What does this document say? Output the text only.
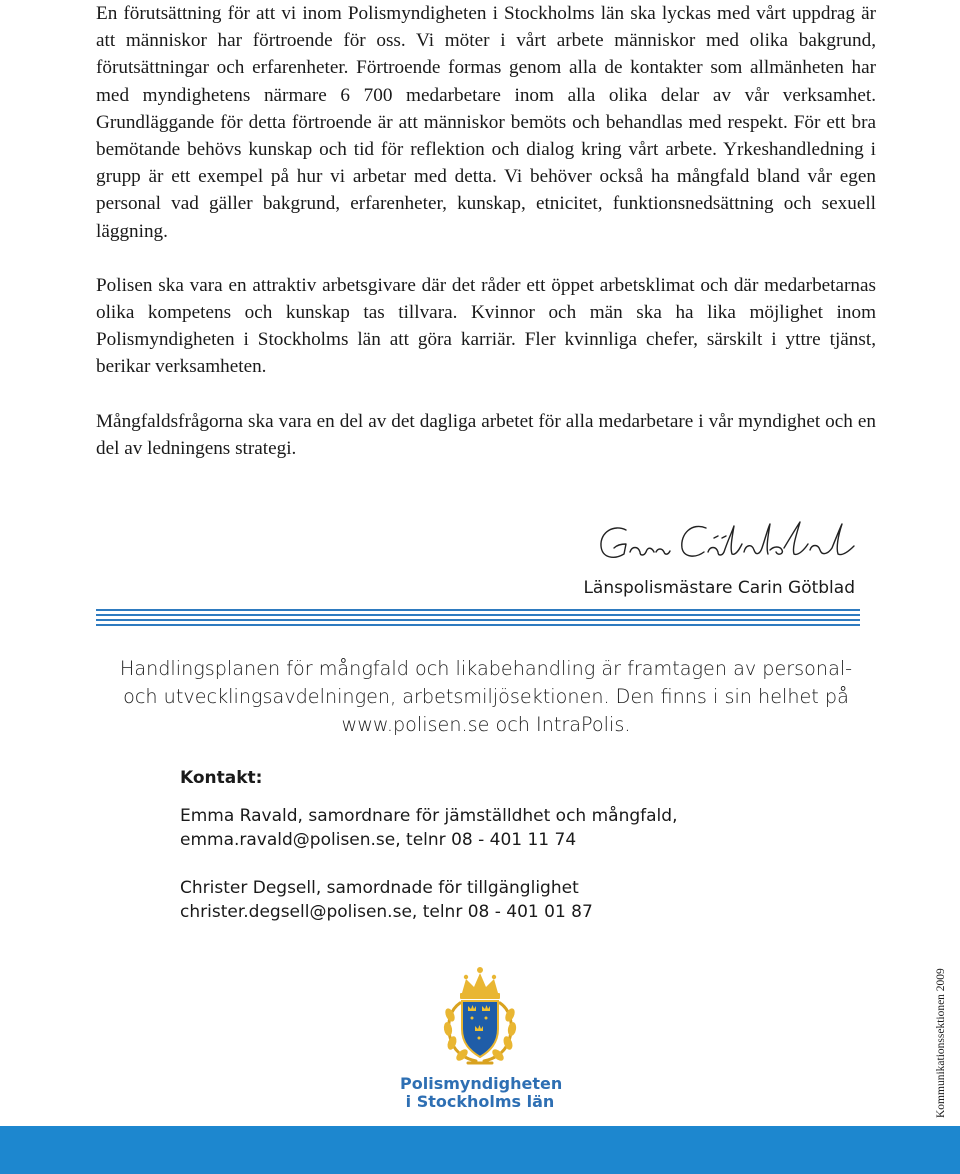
En förutsättning för att vi inom Polismyndigheten i Stockholms län ska lyckas med vårt uppdrag är att människor har förtroende för oss. Vi möter i vårt arbete människor med olika bakgrund, förutsättningar och erfarenheter. Förtroende formas genom alla de kontakter som allmänheten har med myndighetens närmare 6 700 medarbetare inom alla olika delar av vår verksamhet. Grundläggande för detta förtroende är att människor bemöts och behandlas med respekt. För ett bra bemötande behövs kunskap och tid för reflektion och dialog kring vårt arbete. Yrkeshandledning i grupp är ett exempel på hur vi arbetar med detta. Vi behöver också ha mångfald bland vår egen personal vad gäller bakgrund, erfarenheter, kunskap, etnicitet, funktionsnedsättning och sexuell läggning.

Polisen ska vara en attraktiv arbetsgivare där det råder ett öppet arbetsklimat och där medarbetarnas olika kompetens och kunskap tas tillvara. Kvinnor och män ska ha lika möjlighet inom Polismyndigheten i Stockholms län att göra karriär. Fler kvinnliga chefer, särskilt i yttre tjänst, berikar verksamheten.

Mångfaldsfrågorna ska vara en del av det dagliga arbetet för alla medarbetare i vår myndighet och en del av ledningens strategi.

Länspolismästare Carin Götblad
Handlingsplanen för mångfald och likabehandling är framtagen av personal-
och utvecklingsavdelningen, arbetsmiljösektionen. Den finns i sin helhet på
www.polisen.se och IntraPolis.
Kontakt:
Emma Ravald, samordnare för jämställdhet och mångfald,
emma.ravald@polisen.se, telnr 08 - 401 11 74
Christer Degsell, samordnade för tillgänglighet
christer.degsell@polisen.se, telnr 08 - 401 01 87
Polismyndigheten
i Stockholms län	Kommunikationssektionen 2009
